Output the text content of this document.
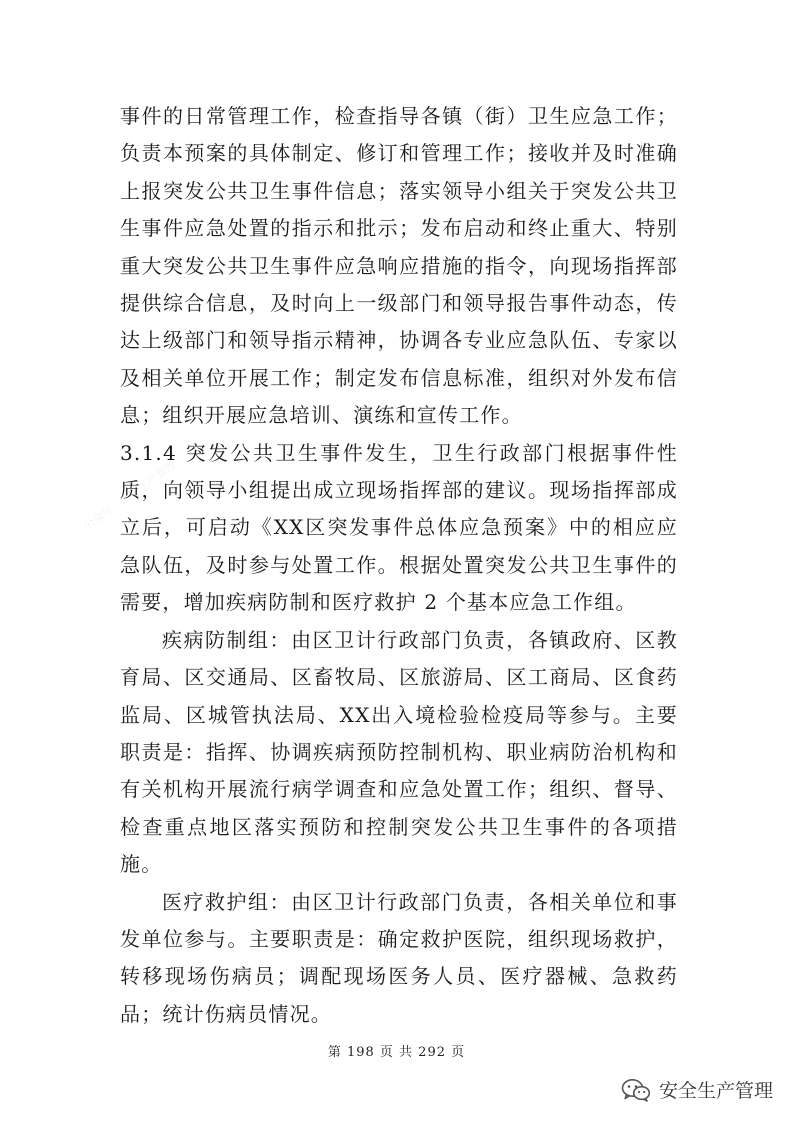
事件的日常管理工作，检查指导各镇（街）卫生应急工作；负责本预案的具体制定、修订和管理工作；接收并及时准确上报突发公共卫生事件信息；落实领导小组关于突发公共卫生事件应急处置的指示和批示；发布启动和终止重大、特别重大突发公共卫生事件应急响应措施的指令，向现场指挥部提供综合信息，及时向上一级部门和领导报告事件动态，传达上级部门和领导指示精神，协调各专业应急队伍、专家以及相关单位开展工作；制定发布信息标准，组织对外发布信息；组织开展应急培训、演练和宣传工作。

3.1.4 突发公共卫生事件发生，卫生行政部门根据事件性质，向领导小组提出成立现场指挥部的建议。现场指挥部成立后，可启动《XX区突发事件总体应急预案》中的相应应急队伍，及时参与处置工作。根据处置突发公共卫生事件的需要，增加疾病防制和医疗救护 2 个基本应急工作组。

疾病防制组：由区卫计行政部门负责，各镇政府、区教育局、区交通局、区畜牧局、区旅游局、区工商局、区食药监局、区城管执法局、XX出入境检验检疫局等参与。主要职责是：指挥、协调疾病预防控制机构、职业病防治机构和有关机构开展流行病学调查和应急处置工作；组织、督导、检查重点地区落实预防和控制突发公共卫生事件的各项措施。

医疗救护组：由区卫计行政部门负责，各相关单位和事发单位参与。主要职责是：确定救护医院，组织现场救护，转移现场伤病员；调配现场医务人员、医疗器械、急救药品；统计伤病员情况。

第 198 页 共 292 页
安全生产管理
公众号：安全生产管理
